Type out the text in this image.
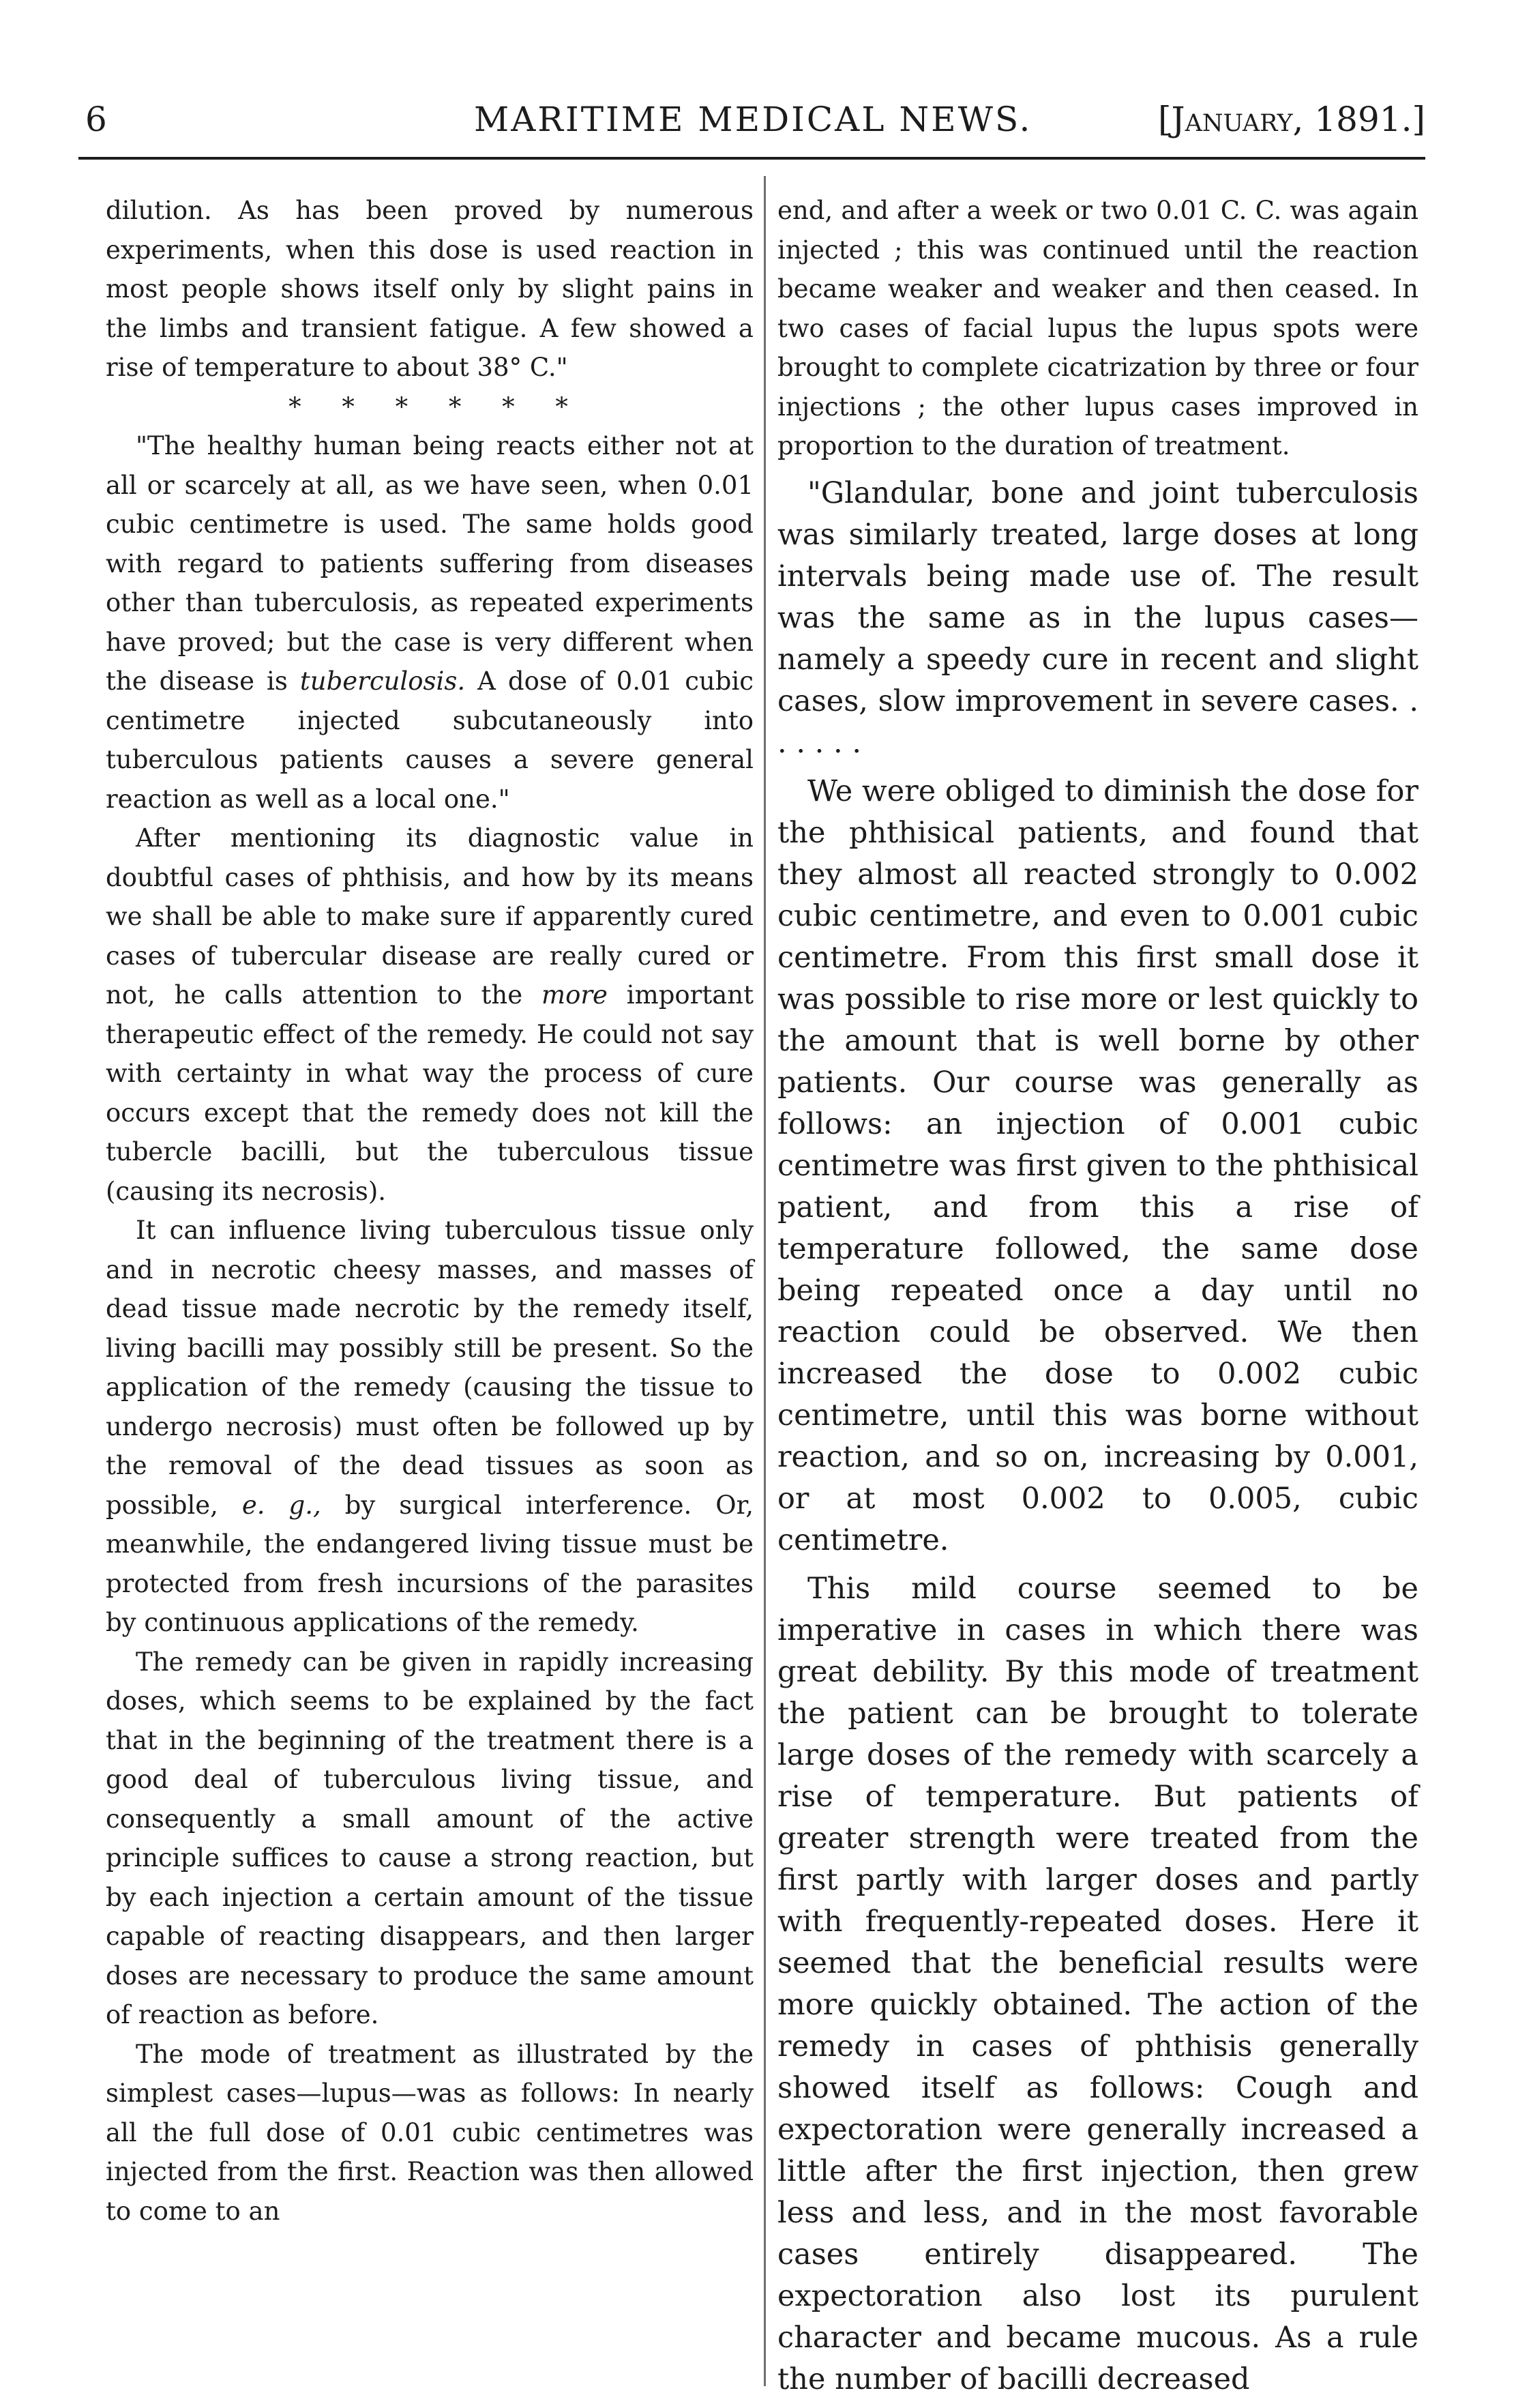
6	MARITIME MEDICAL NEWS.	[January, 1891.]

dilution. As has been proved by numerous experiments, when this dose is used reaction in most people shows itself only by slight pains in the limbs and transient fatigue. A few showed a rise of temperature to about 38° C."

* * * * * *

"The healthy human being reacts either not at all or scarcely at all, as we have seen, when 0.01 cubic centimetre is used. The same holds good with regard to patients suffering from diseases other than tuberculosis, as repeated experiments have proved; but the case is very different when the disease is tuberculosis. A dose of 0.01 cubic centimetre injected subcutaneously into tuberculous patients causes a severe general reaction as well as a local one."

After mentioning its diagnostic value in doubtful cases of phthisis, and how by its means we shall be able to make sure if apparently cured cases of tubercular disease are really cured or not, he calls attention to the more important therapeutic effect of the remedy. He could not say with certainty in what way the process of cure occurs except that the remedy does not kill the tubercle bacilli, but the tuberculous tissue (causing its necrosis).

It can influence living tuberculous tissue only and in necrotic cheesy masses, and masses of dead tissue made necrotic by the remedy itself, living bacilli may possibly still be present. So the application of the remedy (causing the tissue to undergo necrosis) must often be followed up by the removal of the dead tissues as soon as possible, e. g., by surgical interference. Or, meanwhile, the endangered living tissue must be protected from fresh incursions of the parasites by continuous applications of the remedy.

The remedy can be given in rapidly increasing doses, which seems to be explained by the fact that in the beginning of the treatment there is a good deal of tuberculous living tissue, and consequently a small amount of the active principle suffices to cause a strong reaction, but by each injection a certain amount of the tissue capable of reacting disappears, and then larger doses are necessary to produce the same amount of reaction as before.

The mode of treatment as illustrated by the simplest cases—lupus—was as follows: In nearly all the full dose of 0.01 cubic centimetres was injected from the first. Reaction was then allowed to come to an

end, and after a week or two 0.01 C. C. was again injected ; this was continued until the reaction became weaker and weaker and then ceased. In two cases of facial lupus the lupus spots were brought to complete cicatrization by three or four injections ; the other lupus cases improved in proportion to the duration of treatment.

"Glandular, bone and joint tuberculosis was similarly treated, large doses at long intervals being made use of. The result was the same as in the lupus cases—namely a speedy cure in recent and slight cases, slow improvement in severe cases. . . . . . .

We were obliged to diminish the dose for the phthisical patients, and found that they almost all reacted strongly to 0.002 cubic centimetre, and even to 0.001 cubic centimetre. From this first small dose it was possible to rise more or lest quickly to the amount that is well borne by other patients. Our course was generally as follows: an injection of 0.001 cubic centimetre was first given to the phthisical patient, and from this a rise of temperature followed, the same dose being repeated once a day until no reaction could be observed. We then increased the dose to 0.002 cubic centimetre, until this was borne without reaction, and so on, increasing by 0.001, or at most 0.002 to 0.005, cubic centimetre.

This mild course seemed to be imperative in cases in which there was great debility. By this mode of treatment the patient can be brought to tolerate large doses of the remedy with scarcely a rise of temperature. But patients of greater strength were treated from the first partly with larger doses and partly with frequently-repeated doses. Here it seemed that the beneficial results were more quickly obtained. The action of the remedy in cases of phthisis generally showed itself as follows: Cough and expectoration were generally increased a little after the first injection, then grew less and less, and in the most favorable cases entirely disappeared. The expectoration also lost its purulent character and became mucous. As a rule the number of bacilli decreased
